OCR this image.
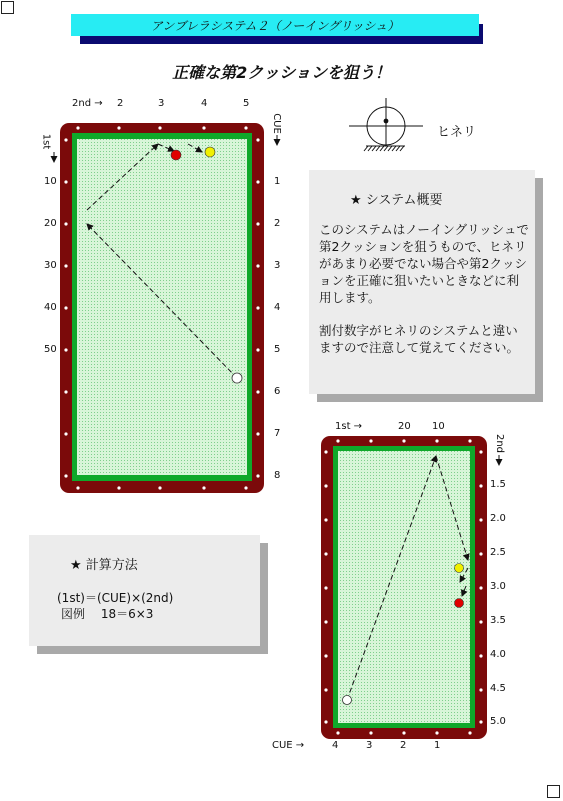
アンブレラシステム２（ノーイングリッシュ）
正確な第2クッションを狙う！
2nd → 2	3	4	5
1st
CUE
10
20
30
40
50
1
2
3
4
5
6
7
8
ヒネリ
★ システム概要
このシステムはノーイングリッシュで第2クッションを狙うもので、ヒネリがあまり必要でない場合や第2クッションを正確に狙いたいときなどに利用します。
割付数字がヒネリのシステムと違いますので注意して覚えてください。
★ 計算方法
(1st)＝(CUE)×(2nd)
図例　 18＝6×3
1st →	20 10
2nd
1.5
2.0
2.5
3.0
3.5
4.0
4.5
5.0
CUE →	4	3	2	1
